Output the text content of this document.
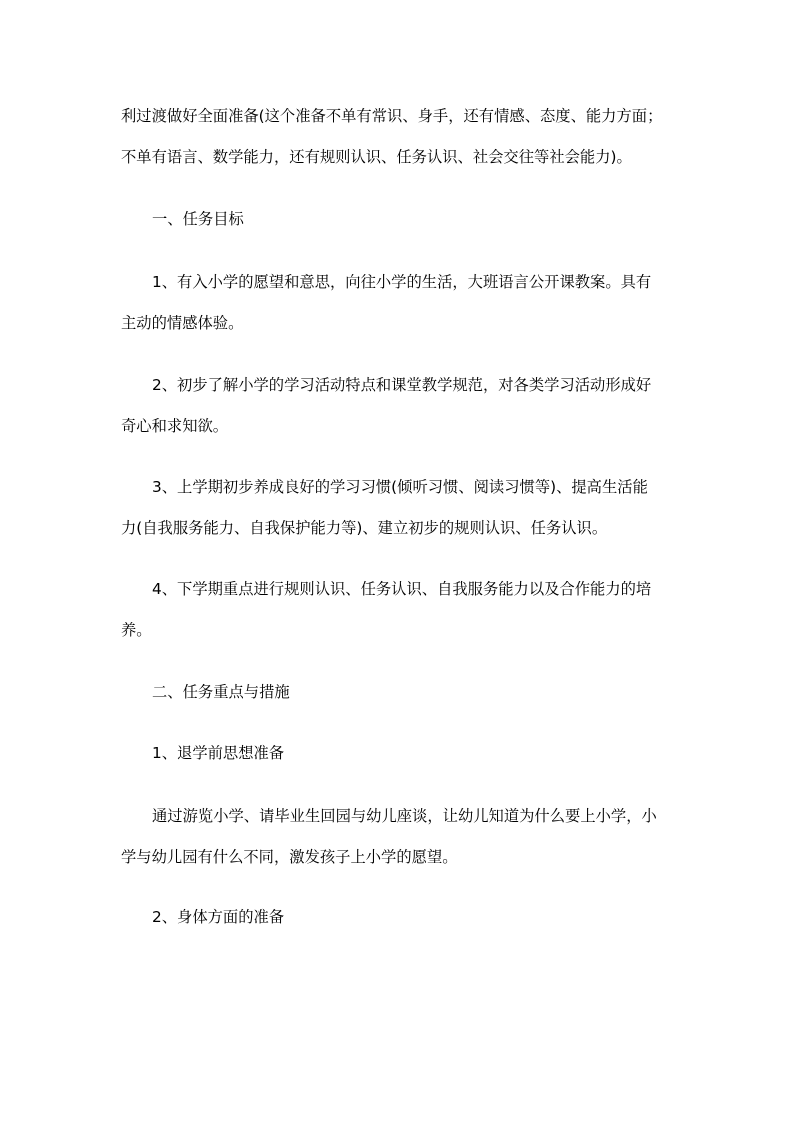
利过渡做好全面准备(这个准备不单有常识、身手，还有情感、态度、能力方面；
不单有语言、数学能力，还有规则认识、任务认识、社会交往等社会能力)。

一、任务目标

1、有入小学的愿望和意思，向往小学的生活，大班语言公开课教案。具有
主动的情感体验。

2、初步了解小学的学习活动特点和课堂教学规范，对各类学习活动形成好
奇心和求知欲。

3、上学期初步养成良好的学习习惯(倾听习惯、阅读习惯等)、提高生活能
力(自我服务能力、自我保护能力等)、建立初步的规则认识、任务认识。

4、下学期重点进行规则认识、任务认识、自我服务能力以及合作能力的培
养。

二、任务重点与措施

1、退学前思想准备

通过游览小学、请毕业生回园与幼儿座谈，让幼儿知道为什么要上小学，小
学与幼儿园有什么不同，激发孩子上小学的愿望。

2、身体方面的准备
